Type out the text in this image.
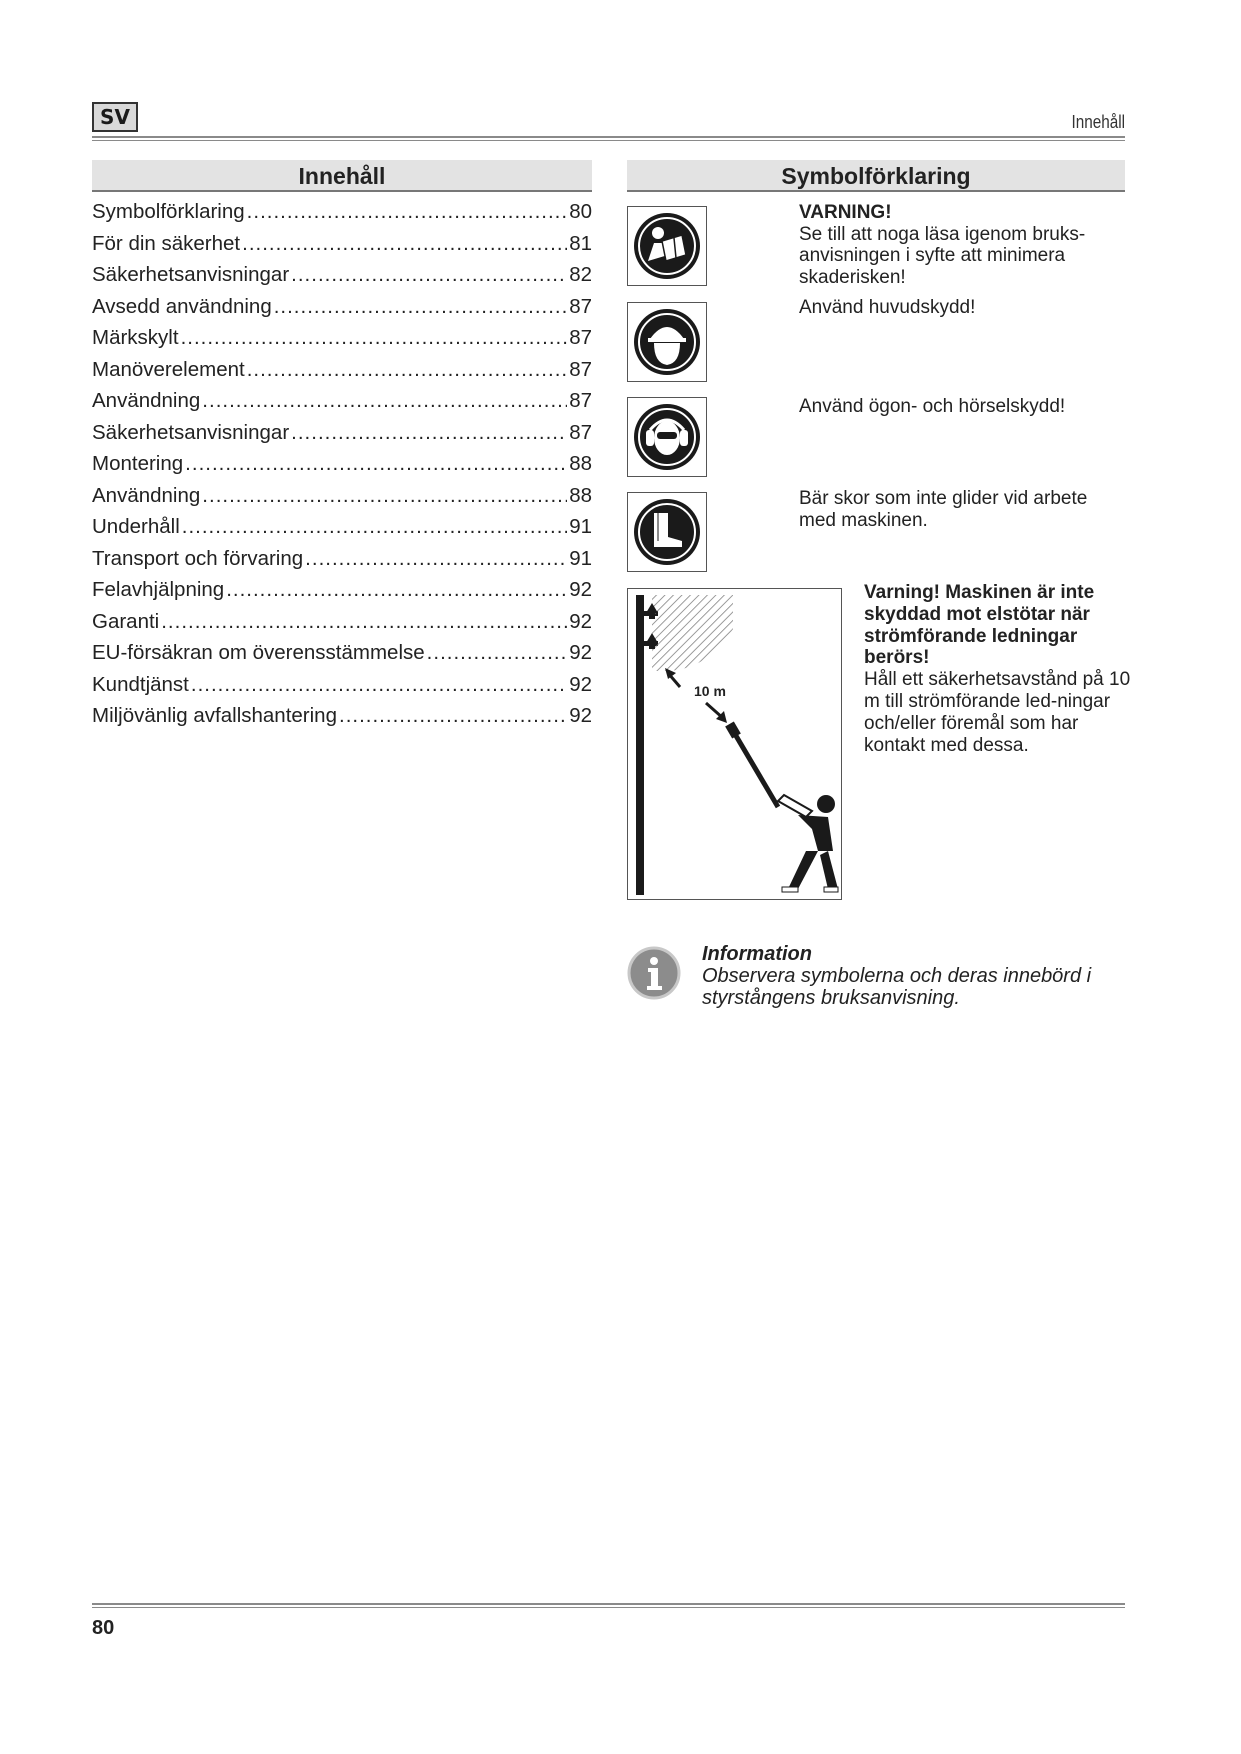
SV	Innehåll
Innehåll
Symbolförklaring .....	80
För din säkerhet .....	81
Säkerhetsanvisningar .....	82
Avsedd användning .....	87
Märkskylt .....	87
Manöverelement .....	87
Användning .....	87
Säkerhetsanvisningar .....	87
Montering .....	88
Användning .....	88
Underhåll .....	91
Transport och förvaring .....	91
Felavhjälpning .....	92
Garanti .....	92
EU-försäkran om överensstämmelse .....	92
Kundtjänst .....	92
Miljövänlig avfallshantering .....	92
Symbolförklaring
VARNING!
Se till att noga läsa igenom bruks-anvisningen i syfte att minimera skaderisken!
Använd huvudskydd!
Använd ögon- och hörselskydd!
Bär skor som inte glider vid arbete med maskinen.
10 m
Varning! Maskinen är inte skyddad mot elstötar när strömförande ledningar berörs!
Håll ett säkerhetsavstånd på 10 m till strömförande led-ningar och/eller föremål som har kontakt med dessa.
Information
Observera symbolerna och deras innebörd i styrstångens bruksanvisning.
80
